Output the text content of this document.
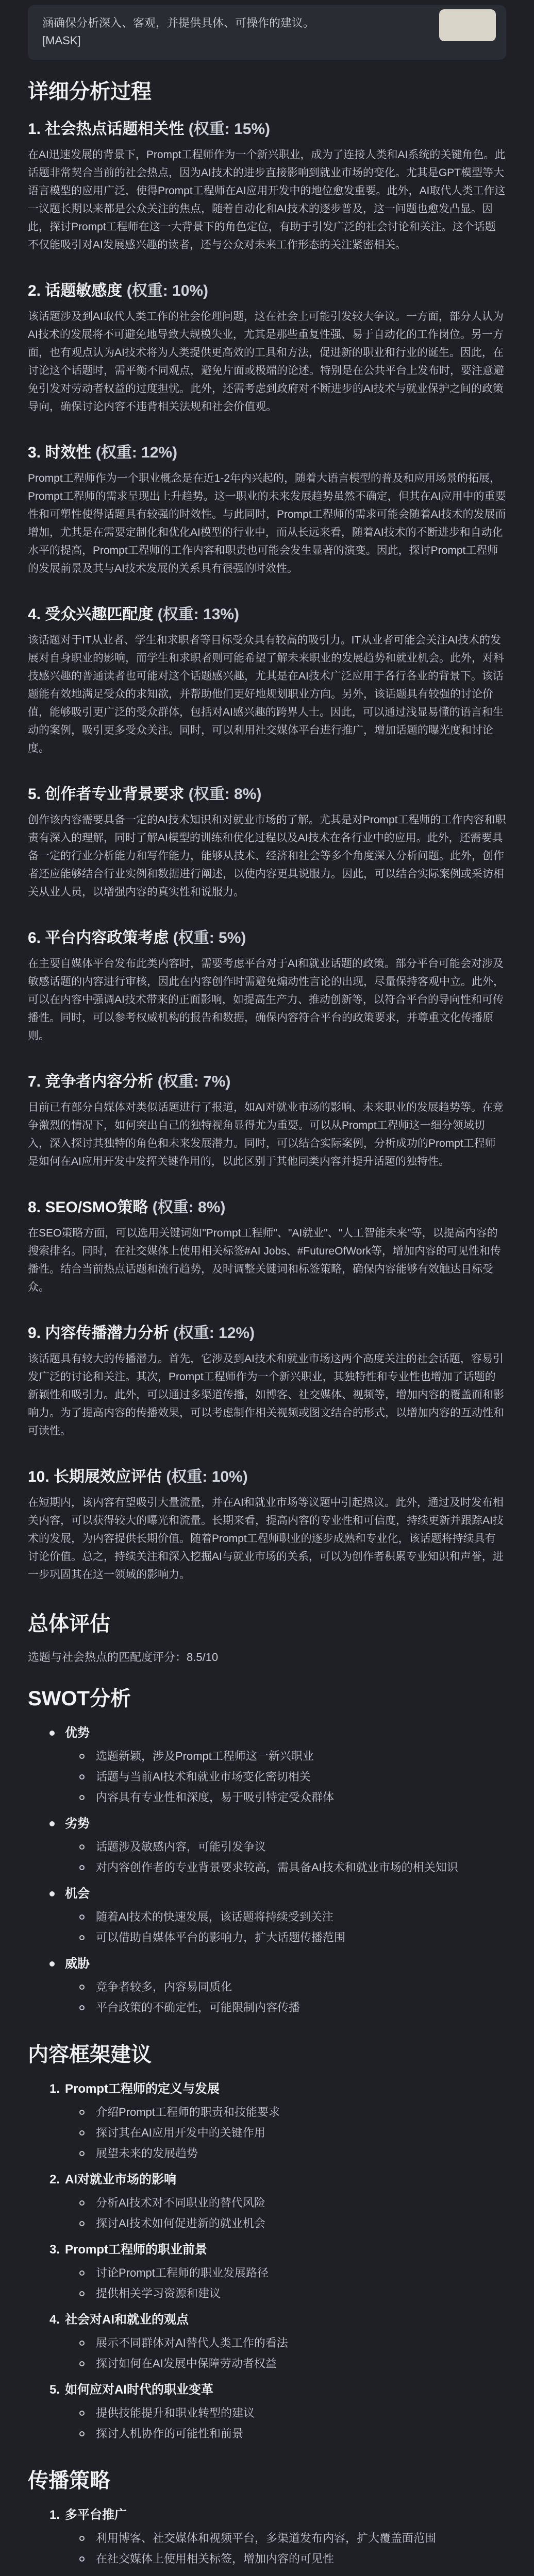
涵确保分析深入、客观，并提供具体、可操作的建议。
[MASK]
详细分析过程
1. 社会热点话题相关性 (权重: 15%)

在AI迅速发展的背景下，Prompt工程师作为一个新兴职业，成为了连接人类和AI系统的关键角色。此话题非常契合当前的社会热点，因为AI技术的进步直接影响到就业市场的变化。尤其是GPT模型等大语言模型的应用广泛，使得Prompt工程师在AI应用开发中的地位愈发重要。此外，AI取代人类工作这一议题长期以来都是公众关注的焦点，随着自动化和AI技术的逐步普及，这一问题也愈发凸显。因此，探讨Prompt工程师在这一大背景下的角色定位，有助于引发广泛的社会讨论和关注。这个话题不仅能吸引对AI发展感兴趣的读者，还与公众对未来工作形态的关注紧密相关。

2. 话题敏感度 (权重: 10%)

该话题涉及到AI取代人类工作的社会伦理问题，这在社会上可能引发较大争议。一方面，部分人认为AI技术的发展将不可避免地导致大规模失业，尤其是那些重复性强、易于自动化的工作岗位。另一方面，也有观点认为AI技术将为人类提供更高效的工具和方法，促进新的职业和行业的诞生。因此，在讨论这个话题时，需平衡不同观点，避免片面或极端的论述。特别是在公共平台上发布时，要注意避免引发对劳动者权益的过度担忧。此外，还需考虑到政府对不断进步的AI技术与就业保护之间的政策导向，确保讨论内容不违背相关法规和社会价值观。

3. 时效性 (权重: 12%)

Prompt工程师作为一个职业概念是在近1-2年内兴起的，随着大语言模型的普及和应用场景的拓展，Prompt工程师的需求呈现出上升趋势。这一职业的未来发展趋势虽然不确定，但其在AI应用中的重要性和可塑性使得话题具有较强的时效性。与此同时，Prompt工程师的需求可能会随着AI技术的发展而增加，尤其是在需要定制化和优化AI模型的行业中，而从长远来看，随着AI技术的不断进步和自动化水平的提高，Prompt工程师的工作内容和职责也可能会发生显著的演变。因此，探讨Prompt工程师的发展前景及其与AI技术发展的关系具有很强的时效性。

4. 受众兴趣匹配度 (权重: 13%)

该话题对于IT从业者、学生和求职者等目标受众具有较高的吸引力。IT从业者可能会关注AI技术的发展对自身职业的影响，而学生和求职者则可能希望了解未来职业的发展趋势和就业机会。此外，对科技感兴趣的普通读者也可能对这个话题感兴趣，尤其是在AI技术广泛应用于各行各业的背景下。该话题能有效地满足受众的求知欲，并帮助他们更好地规划职业方向。另外，该话题具有较强的讨论价值，能够吸引更广泛的受众群体，包括对AI感兴趣的跨界人士。因此，可以通过浅显易懂的语言和生动的案例，吸引更多受众关注。同时，可以利用社交媒体平台进行推广，增加话题的曝光度和讨论度。

5. 创作者专业背景要求 (权重: 8%)

创作该内容需要具备一定的AI技术知识和对就业市场的了解。尤其是对Prompt工程师的工作内容和职责有深入的理解，同时了解AI模型的训练和优化过程以及AI技术在各行业中的应用。此外，还需要具备一定的行业分析能力和写作能力，能够从技术、经济和社会等多个角度深入分析问题。此外，创作者还应能够结合行业实例和数据进行阐述，以使内容更具说服力。因此，可以结合实际案例或采访相关从业人员，以增强内容的真实性和说服力。

6. 平台内容政策考虑 (权重: 5%)

在主要自媒体平台发布此类内容时，需要考虑平台对于AI和就业话题的政策。部分平台可能会对涉及敏感话题的内容进行审核，因此在内容创作时需避免煽动性言论的出现，尽量保持客观中立。此外，可以在内容中强调AI技术带来的正面影响，如提高生产力、推动创新等，以符合平台的导向性和可传播性。同时，可以参考权威机构的报告和数据，确保内容符合平台的政策要求，并尊重文化传播原则。

7. 竞争者内容分析 (权重: 7%)

目前已有部分自媒体对类似话题进行了报道，如AI对就业市场的影响、未来职业的发展趋势等。在竞争激烈的情况下，如何突出自己的独特视角显得尤为重要。可以从Prompt工程师这一细分领域切入，深入探讨其独特的角色和未来发展潜力。同时，可以结合实际案例，分析成功的Prompt工程师是如何在AI应用开发中发挥关键作用的，以此区别于其他同类内容并提升话题的独特性。

8. SEO/SMO策略 (权重: 8%)

在SEO策略方面，可以选用关键词如"Prompt工程师"、"AI就业"、"人工智能未来"等，以提高内容的搜索排名。同时，在社交媒体上使用相关标签#AI Jobs、#FutureOfWork等，增加内容的可见性和传播性。结合当前热点话题和流行趋势，及时调整关键词和标签策略，确保内容能够有效触达目标受众。

9. 内容传播潜力分析 (权重: 12%)

该话题具有较大的传播潜力。首先，它涉及到AI技术和就业市场这两个高度关注的社会话题，容易引发广泛的讨论和关注。其次，Prompt工程师作为一个新兴职业，其独特性和专业性也增加了话题的新颖性和吸引力。此外，可以通过多渠道传播，如博客、社交媒体、视频等，增加内容的覆盖面和影响力。为了提高内容的传播效果，可以考虑制作相关视频或图文结合的形式，以增加内容的互动性和可读性。

10. 长期展效应评估 (权重: 10%)

在短期内，该内容有望吸引大量流量，并在AI和就业市场等议题中引起热议。此外，通过及时发布相关内容，可以获得较大的曝光和流量。长期来看，提高内容的专业性和可信度，持续更新并跟踪AI技术的发展，为内容提供长期价值。随着Prompt工程师职业的逐步成熟和专业化，该话题将持续具有讨论价值。总之，持续关注和深入挖掘AI与就业市场的关系，可以为创作者积累专业知识和声誉，进一步巩固其在这一领域的影响力。

总体评估

选题与社会热点的匹配度评分：8.5/10

SWOT分析
优势
选题新颖，涉及Prompt工程师这一新兴职业
话题与当前AI技术和就业市场变化密切相关
内容具有专业性和深度，易于吸引特定受众群体
劣势
话题涉及敏感内容，可能引发争议
对内容创作者的专业背景要求较高，需具备AI技术和就业市场的相关知识
机会
随着AI技术的快速发展，该话题将持续受到关注
可以借助自媒体平台的影响力，扩大话题传播范围
威胁
竞争者较多，内容易同质化
平台政策的不确定性，可能限制内容传播
内容框架建议
1. Prompt工程师的定义与发展
介绍Prompt工程师的职责和技能要求
探讨其在AI应用开发中的关键作用
展望未来的发展趋势
2. AI对就业市场的影响
分析AI技术对不同职业的替代风险
探讨AI技术如何促进新的就业机会
3. Prompt工程师的职业前景
讨论Prompt工程师的职业发展路径
提供相关学习资源和建议
4. 社会对AI和就业的观点
展示不同群体对AI替代人类工作的看法
探讨如何在AI发展中保障劳动者权益
5. 如何应对AI时代的职业变革
提供技能提升和职业转型的建议
探讨人机协作的可能性和前景
传播策略
1. 多平台推广
利用博客、社交媒体和视频平台，多渠道发布内容，扩大覆盖面范围
在社交媒体上使用相关标签，增加内容的可见性
